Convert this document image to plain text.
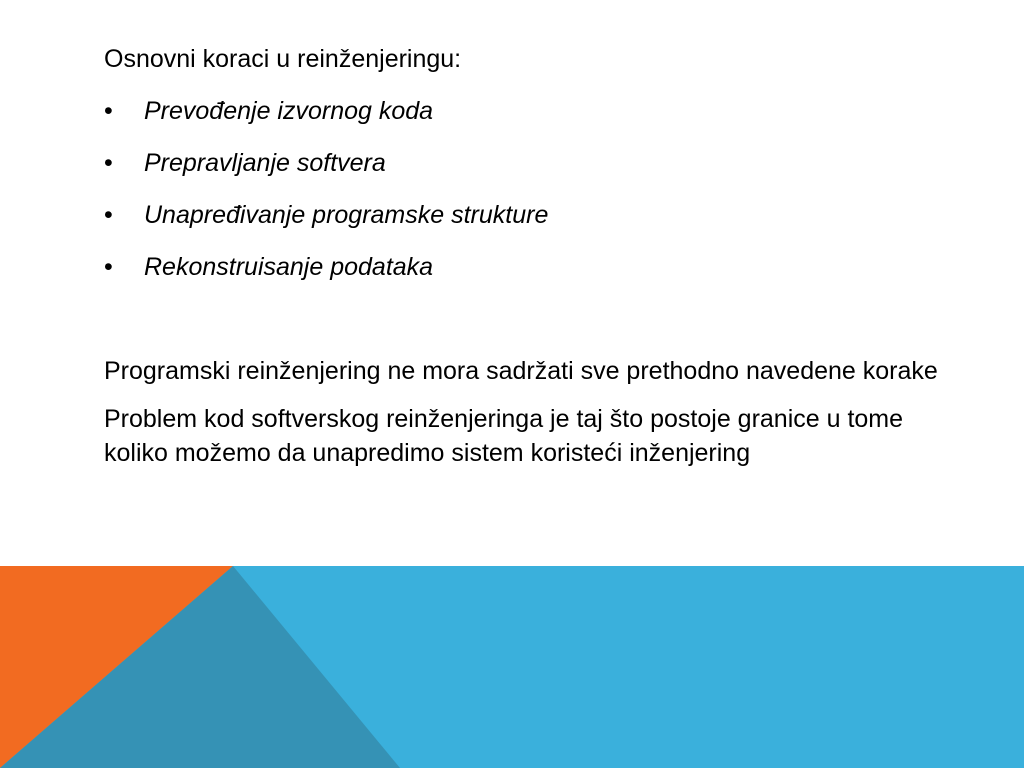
Osnovni koraci u reinženjeringu:

•	Prevođenje izvornog koda
•	Prepravljanje softvera
•	Unapređivanje programske strukture
•	Rekonstruisanje podataka

Programski reinženjering ne mora sadržati sve prethodno navedene korake

Problem kod softverskog reinženjeringa je taj što postoje granice u tome koliko možemo da unapredimo sistem koristeći inženjering
